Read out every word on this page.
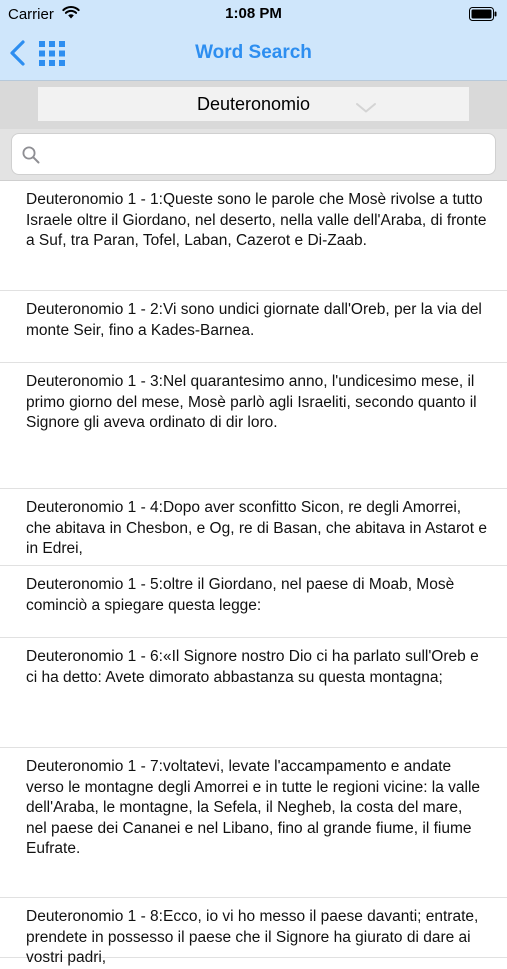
Carrier	1:08 PM
Word Search
Deuteronomio

Deuteronomio 1 - 1:Queste sono le parole che Mosè rivolse a tutto Israele oltre il Giordano, nel deserto, nella valle dell'Araba, di fronte a Suf, tra Paran, Tofel, Laban, Cazerot e Di-Zaab.

Deuteronomio 1 - 2:Vi sono undici giornate dall'Oreb, per la via del monte Seir, fino a Kades-Barnea.

Deuteronomio 1 - 3:Nel quarantesimo anno, l'undicesimo mese, il primo giorno del mese, Mosè parlò agli Israeliti, secondo quanto il Signore gli aveva ordinato di dir loro.

Deuteronomio 1 - 4:Dopo aver sconfitto Sicon, re degli Amorrei, che abitava in Chesbon, e Og, re di Basan, che abitava in Astarot e in Edrei,

Deuteronomio 1 - 5:oltre il Giordano, nel paese di Moab, Mosè cominciò a spiegare questa legge:

Deuteronomio 1 - 6:«Il Signore nostro Dio ci ha parlato sull'Oreb e ci ha detto: Avete dimorato abbastanza su questa montagna;

Deuteronomio 1 - 7:voltatevi, levate l'accampamento e andate verso le montagne degli Amorrei e in tutte le regioni vicine: la valle dell'Araba, le montagne, la Sefela, il Negheb, la costa del mare, nel paese dei Cananei e nel Libano, fino al grande fiume, il fiume Eufrate.

Deuteronomio 1 - 8:Ecco, io vi ho messo il paese davanti; entrate, prendete in possesso il paese che il Signore ha giurato di dare ai vostri padri,
